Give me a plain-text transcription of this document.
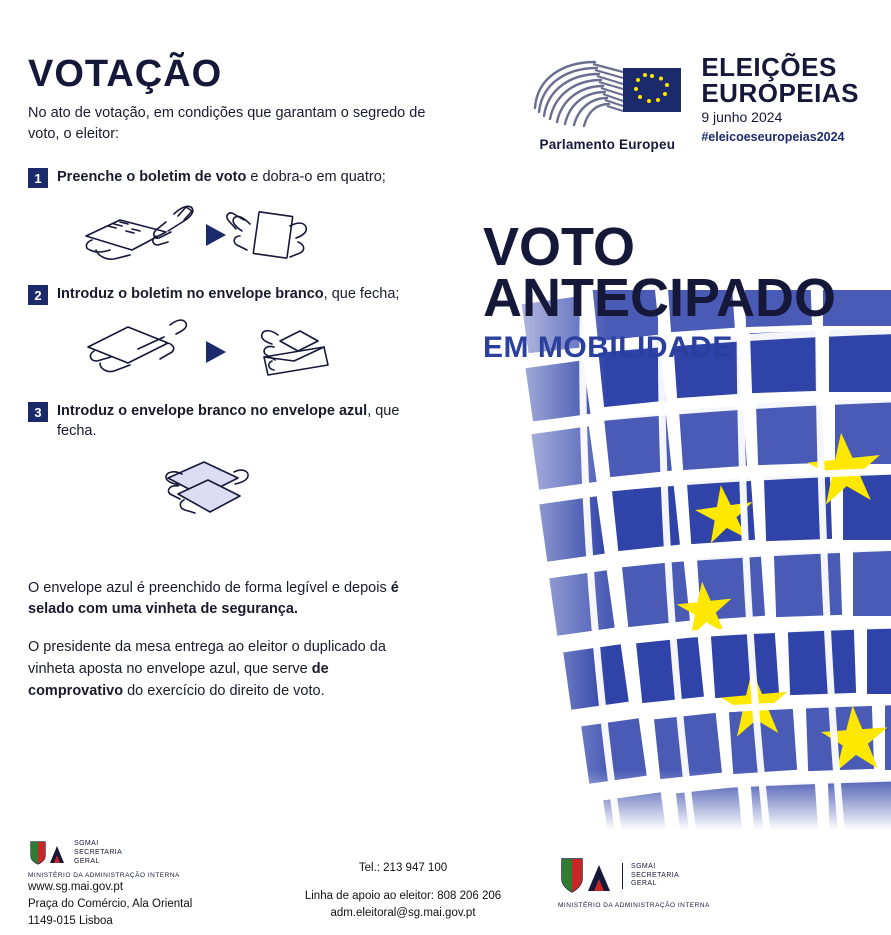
VOTAÇÃO

No ato de votação, em condições que garantam o segredo de voto, o eleitor:

1	Preenche o boletim de voto e dobra-o em quatro;
2	Introduz o boletim no envelope branco, que fecha;
3	Introduz o envelope branco no envelope azul, que fecha.

O envelope azul é preenchido de forma legível e depois é selado com uma vinheta de segurança.

O presidente da mesa entrega ao eleitor o duplicado da vinheta aposta no envelope azul, que serve de comprovativo do exercício do direito de voto.

Parlamento Europeu
ELEIÇÕES
EUROPEIAS
9 junho 2024
#eleicoeseuropeias2024
VOTO
ANTECIPADO
EM MOBILIDADE
SGMAI
SECRETARIA
GERAL
MINISTÉRIO DA ADMINISTRAÇÃO INTERNA
www.sg.mai.gov.pt
Praça do Comércio, Ala Oriental
1149-015 Lisboa
Tel.: 213 947 100
Linha de apoio ao eleitor: 808 206 206
adm.eleitoral@sg.mai.gov.pt
SGMAI
SECRETARIA
GERAL
MINISTÉRIO DA ADMINISTRAÇÃO INTERNA
